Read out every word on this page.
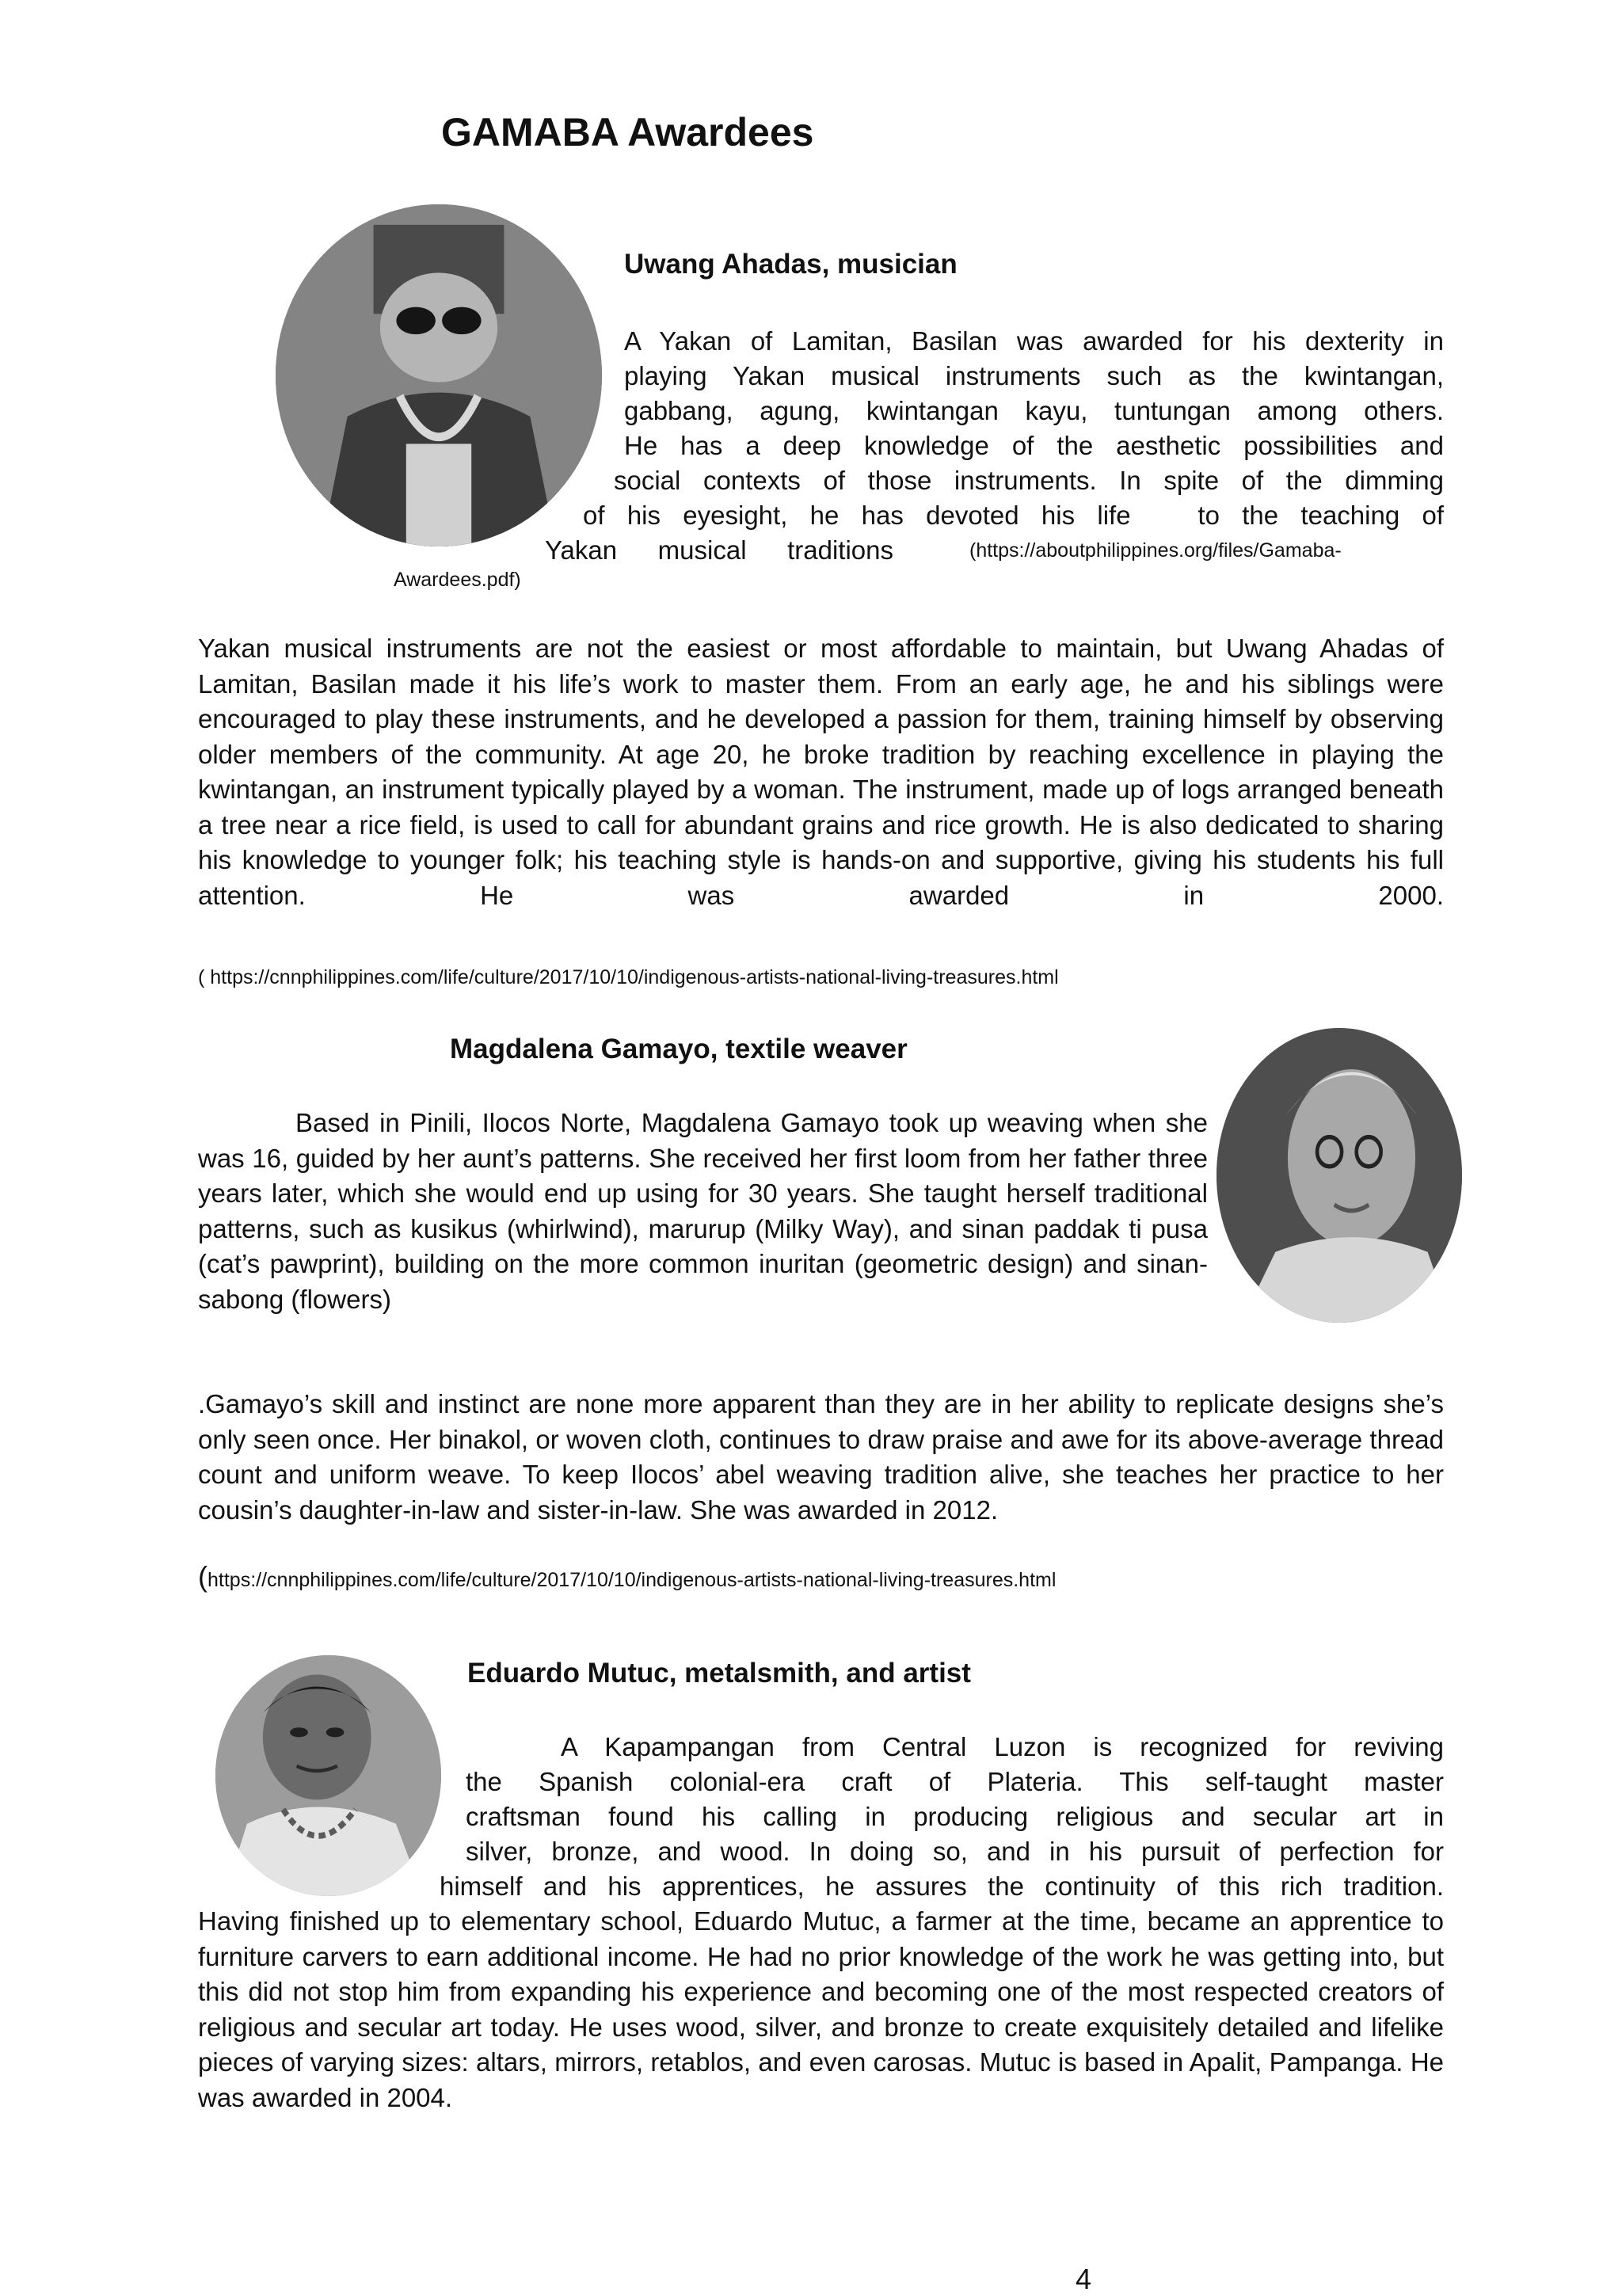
GAMABA Awardees
Uwang Ahadas, musician
A Yakan of Lamitan, Basilan was awarded for his dexterity in
playing Yakan musical instruments such as the kwintangan,
gabbang, agung, kwintangan kayu, tuntungan among others.
He has a deep knowledge of the aesthetic possibilities and
social contexts of those instruments. In spite of the dimming
of his eyesight, he has devoted his life   to the teaching of
Yakan musical traditions	(https://aboutphilippines.org/files/Gamaba-
Awardees.pdf)

Yakan musical instruments are not the easiest or most affordable to maintain, but Uwang Ahadas of Lamitan, Basilan made it his life’s work to master them. From an early age, he and his siblings were encouraged to play these instruments, and he developed a passion for them, training himself by observing older members of the community. At age 20, he broke tradition by reaching excellence in playing the kwintangan, an instrument typically played by a woman. The instrument, made up of logs arranged beneath a tree near a rice field, is used to call for abundant grains and rice growth. He is also dedicated to sharing his knowledge to younger folk; his teaching style is hands-on and supportive, giving his students his full attention. He was awarded in 2000.

( https://cnnphilippines.com/life/culture/2017/10/10/indigenous-artists-national-living-treasures.html
Magdalena Gamayo, textile weaver

Based in Pinili, Ilocos Norte, Magdalena Gamayo took up weaving when she was 16, guided by her aunt’s patterns. She received her first loom from her father three years later, which she would end up using for 30 years. She taught herself traditional patterns, such as kusikus (whirlwind), marurup (Milky Way), and sinan paddak ti pusa (cat’s pawprint), building on the more common inuritan (geometric design) and sinan-sabong (flowers)

.Gamayo’s skill and instinct are none more apparent than they are in her ability to replicate designs she’s only seen once. Her binakol, or woven cloth, continues to draw praise and awe for its above-average thread count and uniform weave. To keep Ilocos’ abel weaving tradition alive, she teaches her practice to her cousin’s daughter-in-law and sister-in-law. She was awarded in 2012.

(https://cnnphilippines.com/life/culture/2017/10/10/indigenous-artists-national-living-treasures.html
Eduardo Mutuc, metalsmith, and artist
A Kapampangan from Central Luzon is recognized for reviving
the Spanish colonial-era craft of Plateria. This self-taught master
craftsman found his calling in producing religious and secular art in
silver, bronze, and wood. In doing so, and in his pursuit of perfection for
himself and his apprentices, he assures the continuity of this rich tradition.

Having finished up to elementary school, Eduardo Mutuc, a farmer at the time, became an apprentice to furniture carvers to earn additional income. He had no prior knowledge of the work he was getting into, but this did not stop him from expanding his experience and becoming one of the most respected creators of religious and secular art today. He uses wood, silver, and bronze to create exquisitely detailed and lifelike pieces of varying sizes: altars, mirrors, retablos, and even carosas. Mutuc is based in Apalit, Pampanga. He was awarded in 2004.

4
